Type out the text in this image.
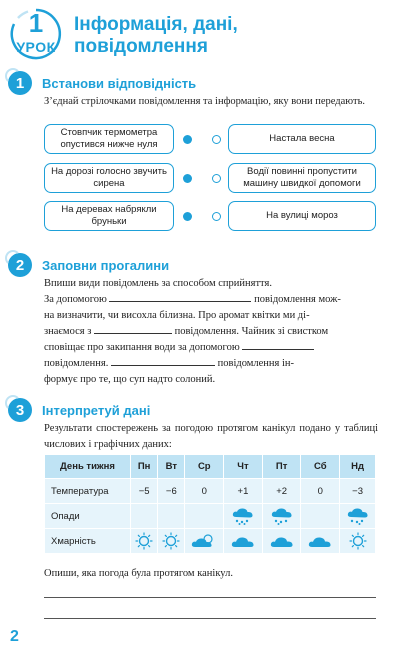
1
УРОК
Інформація, дані,
повідомлення
1	Встанови відповідність
З’єднай стрілочками повідомлення та інформацію, яку вони передають.
Стовпчик термометра опустився нижче нуля
На дорозі голосно звучить сирена
На деревах набрякли бруньки
Настала весна
Водії повинні пропустити машину швидкої допомоги
На вулиці мороз
2	Заповни прогалини
Впиши види повідомлень за способом сприйняття.
За допомогою	повідомлення мож-
на визначити, чи висохла білизна. Про аромат квітки ми ді-
знаємося з	повідомлення. Чайник зі свистком
сповіщає про закипання води за допомогою
повідомлення.	повідомлення ін-
формує про те, що суп надто солоний.
3	Інтерпретуй дані
Результати спостережень за погодою протягом канікул подано у таблиці числових і графічних даних:
День тижня	Пн	Вт	Ср	Чт	Пт	Сб	Нд
Температура	−5	−6	0	+1	+2	0	−3
Опади							
Хмарність							
Опиши, яка погода була протягом канікул.
2
